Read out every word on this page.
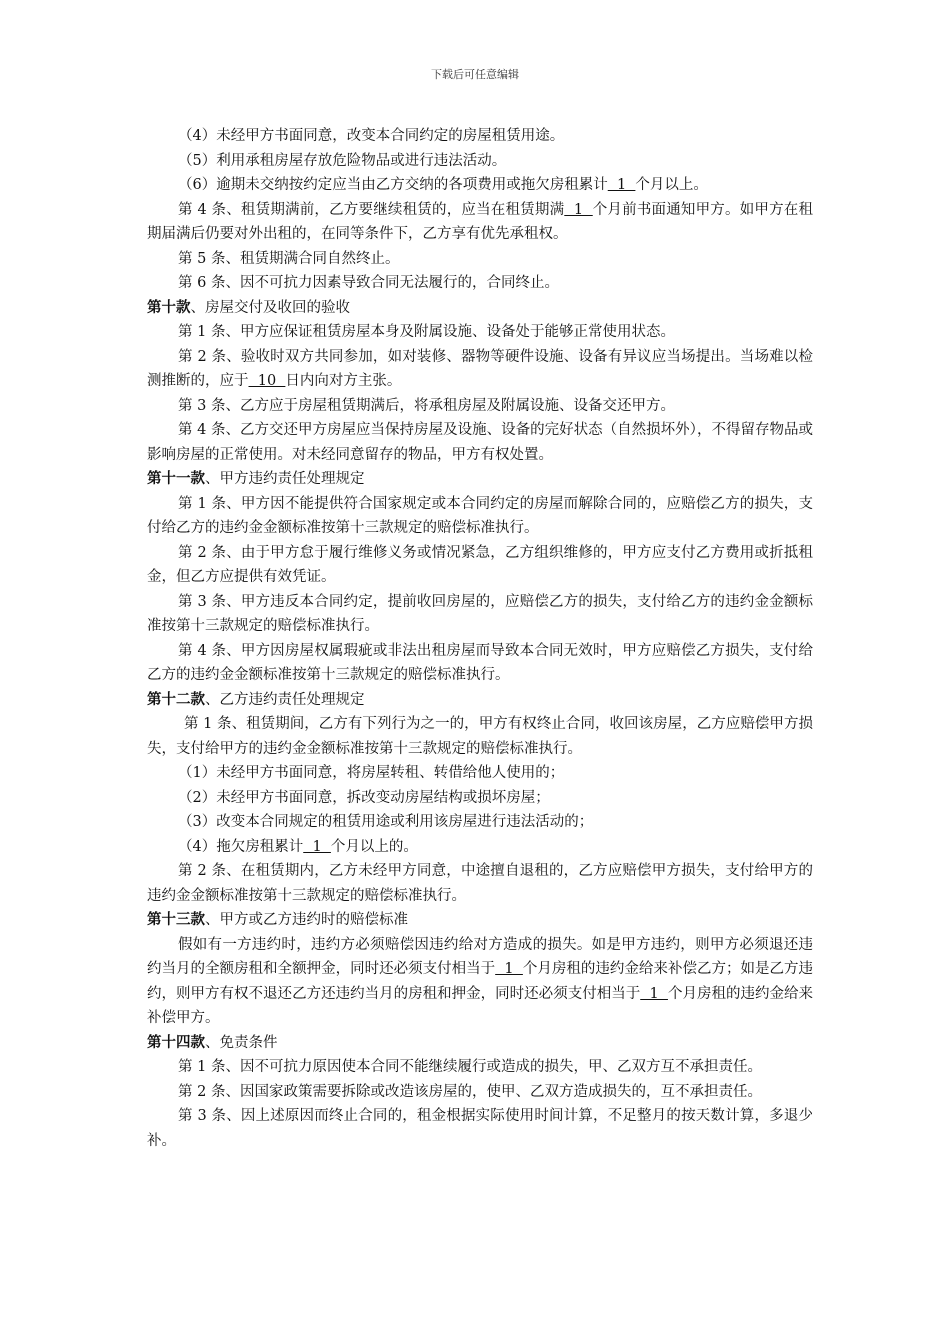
下载后可任意编辑

（4）未经甲方书面同意，改变本合同约定的房屋租赁用途。

（5）利用承租房屋存放危险物品或进行违法活动。

（6）逾期未交纳按约定应当由乙方交纳的各项费用或拖欠房租累计  1  个月以上。

第 4 条、租赁期满前，乙方要继续租赁的，应当在租赁期满  1  个月前书面通知甲方。如甲方在租期届满后仍要对外出租的，在同等条件下，乙方享有优先承租权。

第 5 条、租赁期满合同自然终止。

第 6 条、因不可抗力因素导致合同无法履行的，合同终止。

第十款、房屋交付及收回的验收

第 1 条、甲方应保证租赁房屋本身及附属设施、设备处于能够正常使用状态。

第 2 条、验收时双方共同参加，如对装修、器物等硬件设施、设备有异议应当场提出。当场难以检测推断的，应于  10  日内向对方主张。

第 3 条、乙方应于房屋租赁期满后，将承租房屋及附属设施、设备交还甲方。

第 4 条、乙方交还甲方房屋应当保持房屋及设施、设备的完好状态（自然损坏外），不得留存物品或影响房屋的正常使用。对未经同意留存的物品，甲方有权处置。

第十一款、甲方违约责任处理规定

第 1 条、甲方因不能提供符合国家规定或本合同约定的房屋而解除合同的，应赔偿乙方的损失，支付给乙方的违约金金额标准按第十三款规定的赔偿标准执行。

第 2 条、由于甲方怠于履行维修义务或情况紧急，乙方组织维修的，甲方应支付乙方费用或折抵租金，但乙方应提供有效凭证。

第 3 条、甲方违反本合同约定，提前收回房屋的，应赔偿乙方的损失，支付给乙方的违约金金额标准按第十三款规定的赔偿标准执行。

第 4 条、甲方因房屋权属瑕疵或非法出租房屋而导致本合同无效时，甲方应赔偿乙方损失，支付给乙方的违约金金额标准按第十三款规定的赔偿标准执行。

第十二款、乙方违约责任处理规定

第 1 条、租赁期间，乙方有下列行为之一的，甲方有权终止合同，收回该房屋，乙方应赔偿甲方损失，支付给甲方的违约金金额标准按第十三款规定的赔偿标准执行。

（1）未经甲方书面同意，将房屋转租、转借给他人使用的；

（2）未经甲方书面同意，拆改变动房屋结构或损坏房屋；

（3）改变本合同规定的租赁用途或利用该房屋进行违法活动的；

（4）拖欠房租累计  1  个月以上的。

第 2 条、在租赁期内，乙方未经甲方同意，中途擅自退租的，乙方应赔偿甲方损失，支付给甲方的违约金金额标准按第十三款规定的赔偿标准执行。

第十三款、甲方或乙方违约时的赔偿标准

假如有一方违约时，违约方必须赔偿因违约给对方造成的损失。如是甲方违约，则甲方必须退还违约当月的全额房租和全额押金，同时还必须支付相当于  1  个月房租的违约金给来补偿乙方；如是乙方违约，则甲方有权不退还乙方还违约当月的房租和押金，同时还必须支付相当于  1  个月房租的违约金给来补偿甲方。

第十四款、免责条件

第 1 条、因不可抗力原因使本合同不能继续履行或造成的损失，甲、乙双方互不承担责任。

第 2 条、因国家政策需要拆除或改造该房屋的，使甲、乙双方造成损失的，互不承担责任。

第 3 条、因上述原因而终止合同的，租金根据实际使用时间计算，不足整月的按天数计算，多退少补。
